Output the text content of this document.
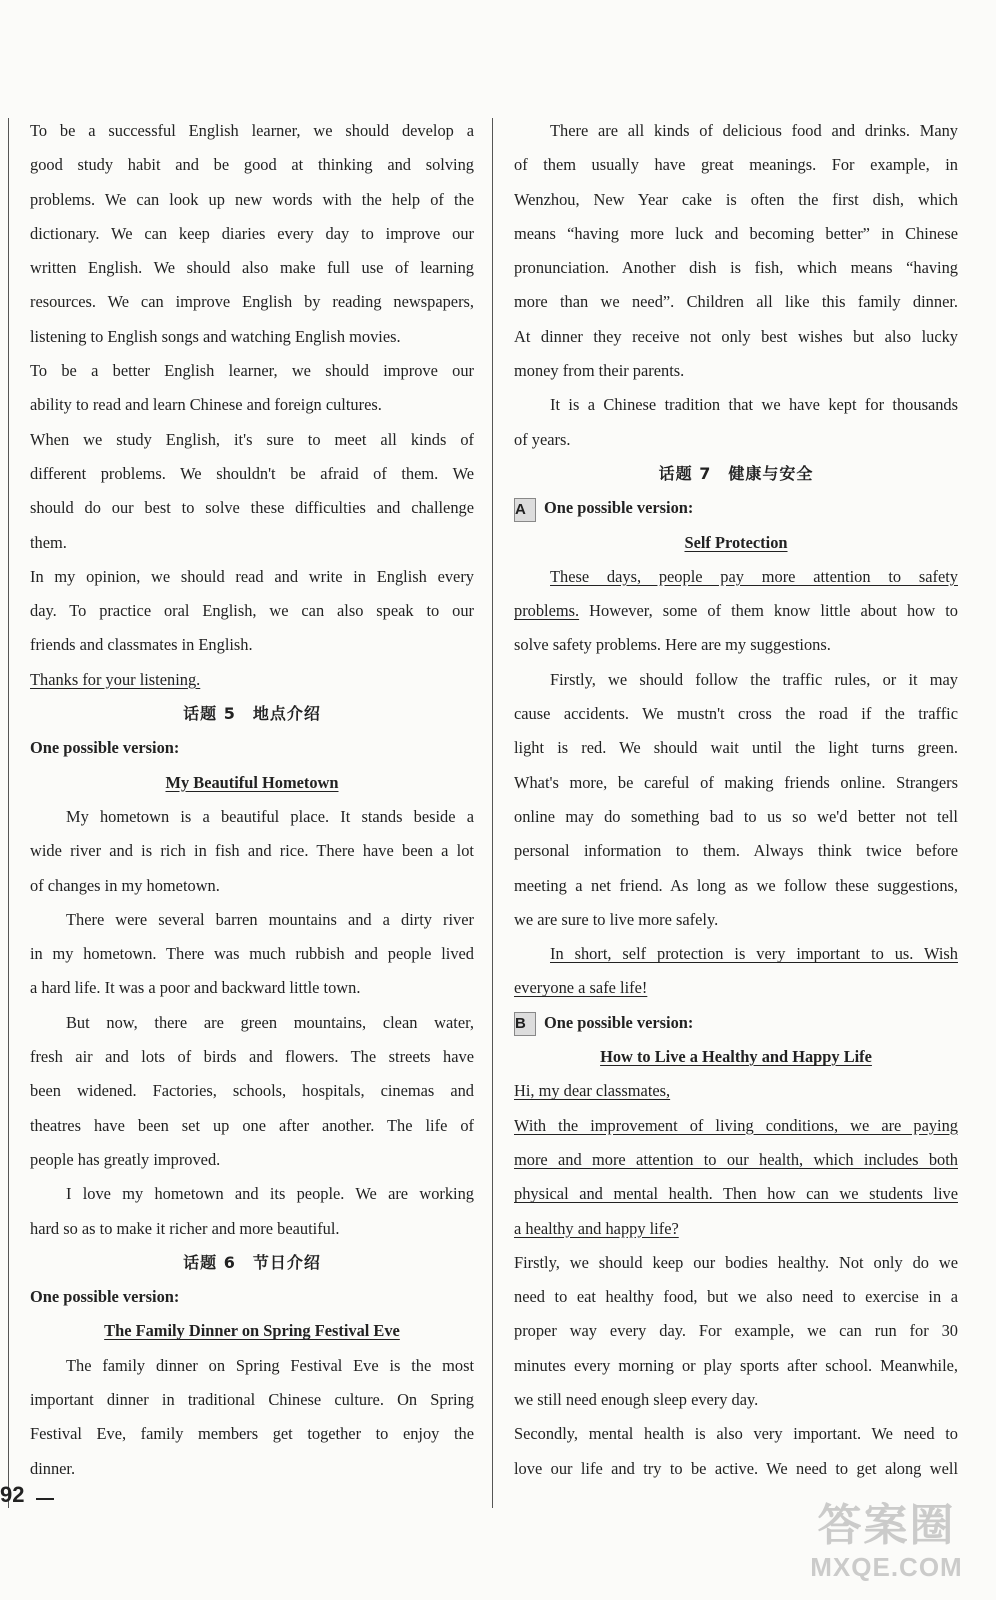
To be a successful English learner, we should develop a
good study habit and be good at thinking and solving
problems. We can look up new words with the help of the
dictionary. We can keep diaries every day to improve our
written English. We should also make full use of learning
resources. We can improve English by reading newspapers,
listening to English songs and watching English movies.
To be a better English learner, we should improve our
ability to read and learn Chinese and foreign cultures.
When we study English, it's sure to meet all kinds of
different problems. We shouldn't be afraid of them. We
should do our best to solve these difficulties and challenge
them.
In my opinion, we should read and write in English every
day. To practice oral English, we can also speak to our
friends and classmates in English.
Thanks for your listening.
话题 5　地点介绍
One possible version:
My Beautiful Hometown
My hometown is a beautiful place. It stands beside a
wide river and is rich in fish and rice. There have been a lot
of changes in my hometown.
There were several barren mountains and a dirty river
in my hometown. There was much rubbish and people lived
a hard life. It was a poor and backward little town.
But now, there are green mountains, clean water,
fresh air and lots of birds and flowers. The streets have
been widened. Factories, schools, hospitals, cinemas and
theatres have been set up one after another. The life of
people has greatly improved.
I love my hometown and its people. We are working
hard so as to make it richer and more beautiful.
话题 6　节日介绍
One possible version:
The Family Dinner on Spring Festival Eve
The family dinner on Spring Festival Eve is the most
important dinner in traditional Chinese culture. On Spring
Festival Eve, family members get together to enjoy the
dinner.
There are all kinds of delicious food and drinks. Many
of them usually have great meanings. For example, in
Wenzhou, New Year cake is often the first dish, which
means “having more luck and becoming better” in Chinese
pronunciation. Another dish is fish, which means “having
more than we need”. Children all like this family dinner.
At dinner they receive not only best wishes but also lucky
money from their parents.
It is a Chinese tradition that we have kept for thousands
of years.
话题 7　健康与安全
A One possible version:
Self Protection
These days, people pay more attention to safety
problems. However, some of them know little about how to
solve safety problems. Here are my suggestions.
Firstly, we should follow the traffic rules, or it may
cause accidents. We mustn't cross the road if the traffic
light is red. We should wait until the light turns green.
What's more, be careful of making friends online. Strangers
online may do something bad to us so we'd better not tell
personal information to them. Always think twice before
meeting a net friend. As long as we follow these suggestions,
we are sure to live more safely.
In short, self protection is very important to us. Wish
everyone a safe life!
B One possible version:
How to Live a Healthy and Happy Life
Hi, my dear classmates,
With the improvement of living conditions, we are paying
more and more attention to our health, which includes both
physical and mental health. Then how can we students live
a healthy and happy life?
Firstly, we should keep our bodies healthy. Not only do we
need to eat healthy food, but we also need to exercise in a
proper way every day. For example, we can run for 30
minutes every morning or play sports after school. Meanwhile,
we still need enough sleep every day.
Secondly, mental health is also very important. We need to
love our life and try to be active. We need to get along well
92
答案圈
MXQE.COM
